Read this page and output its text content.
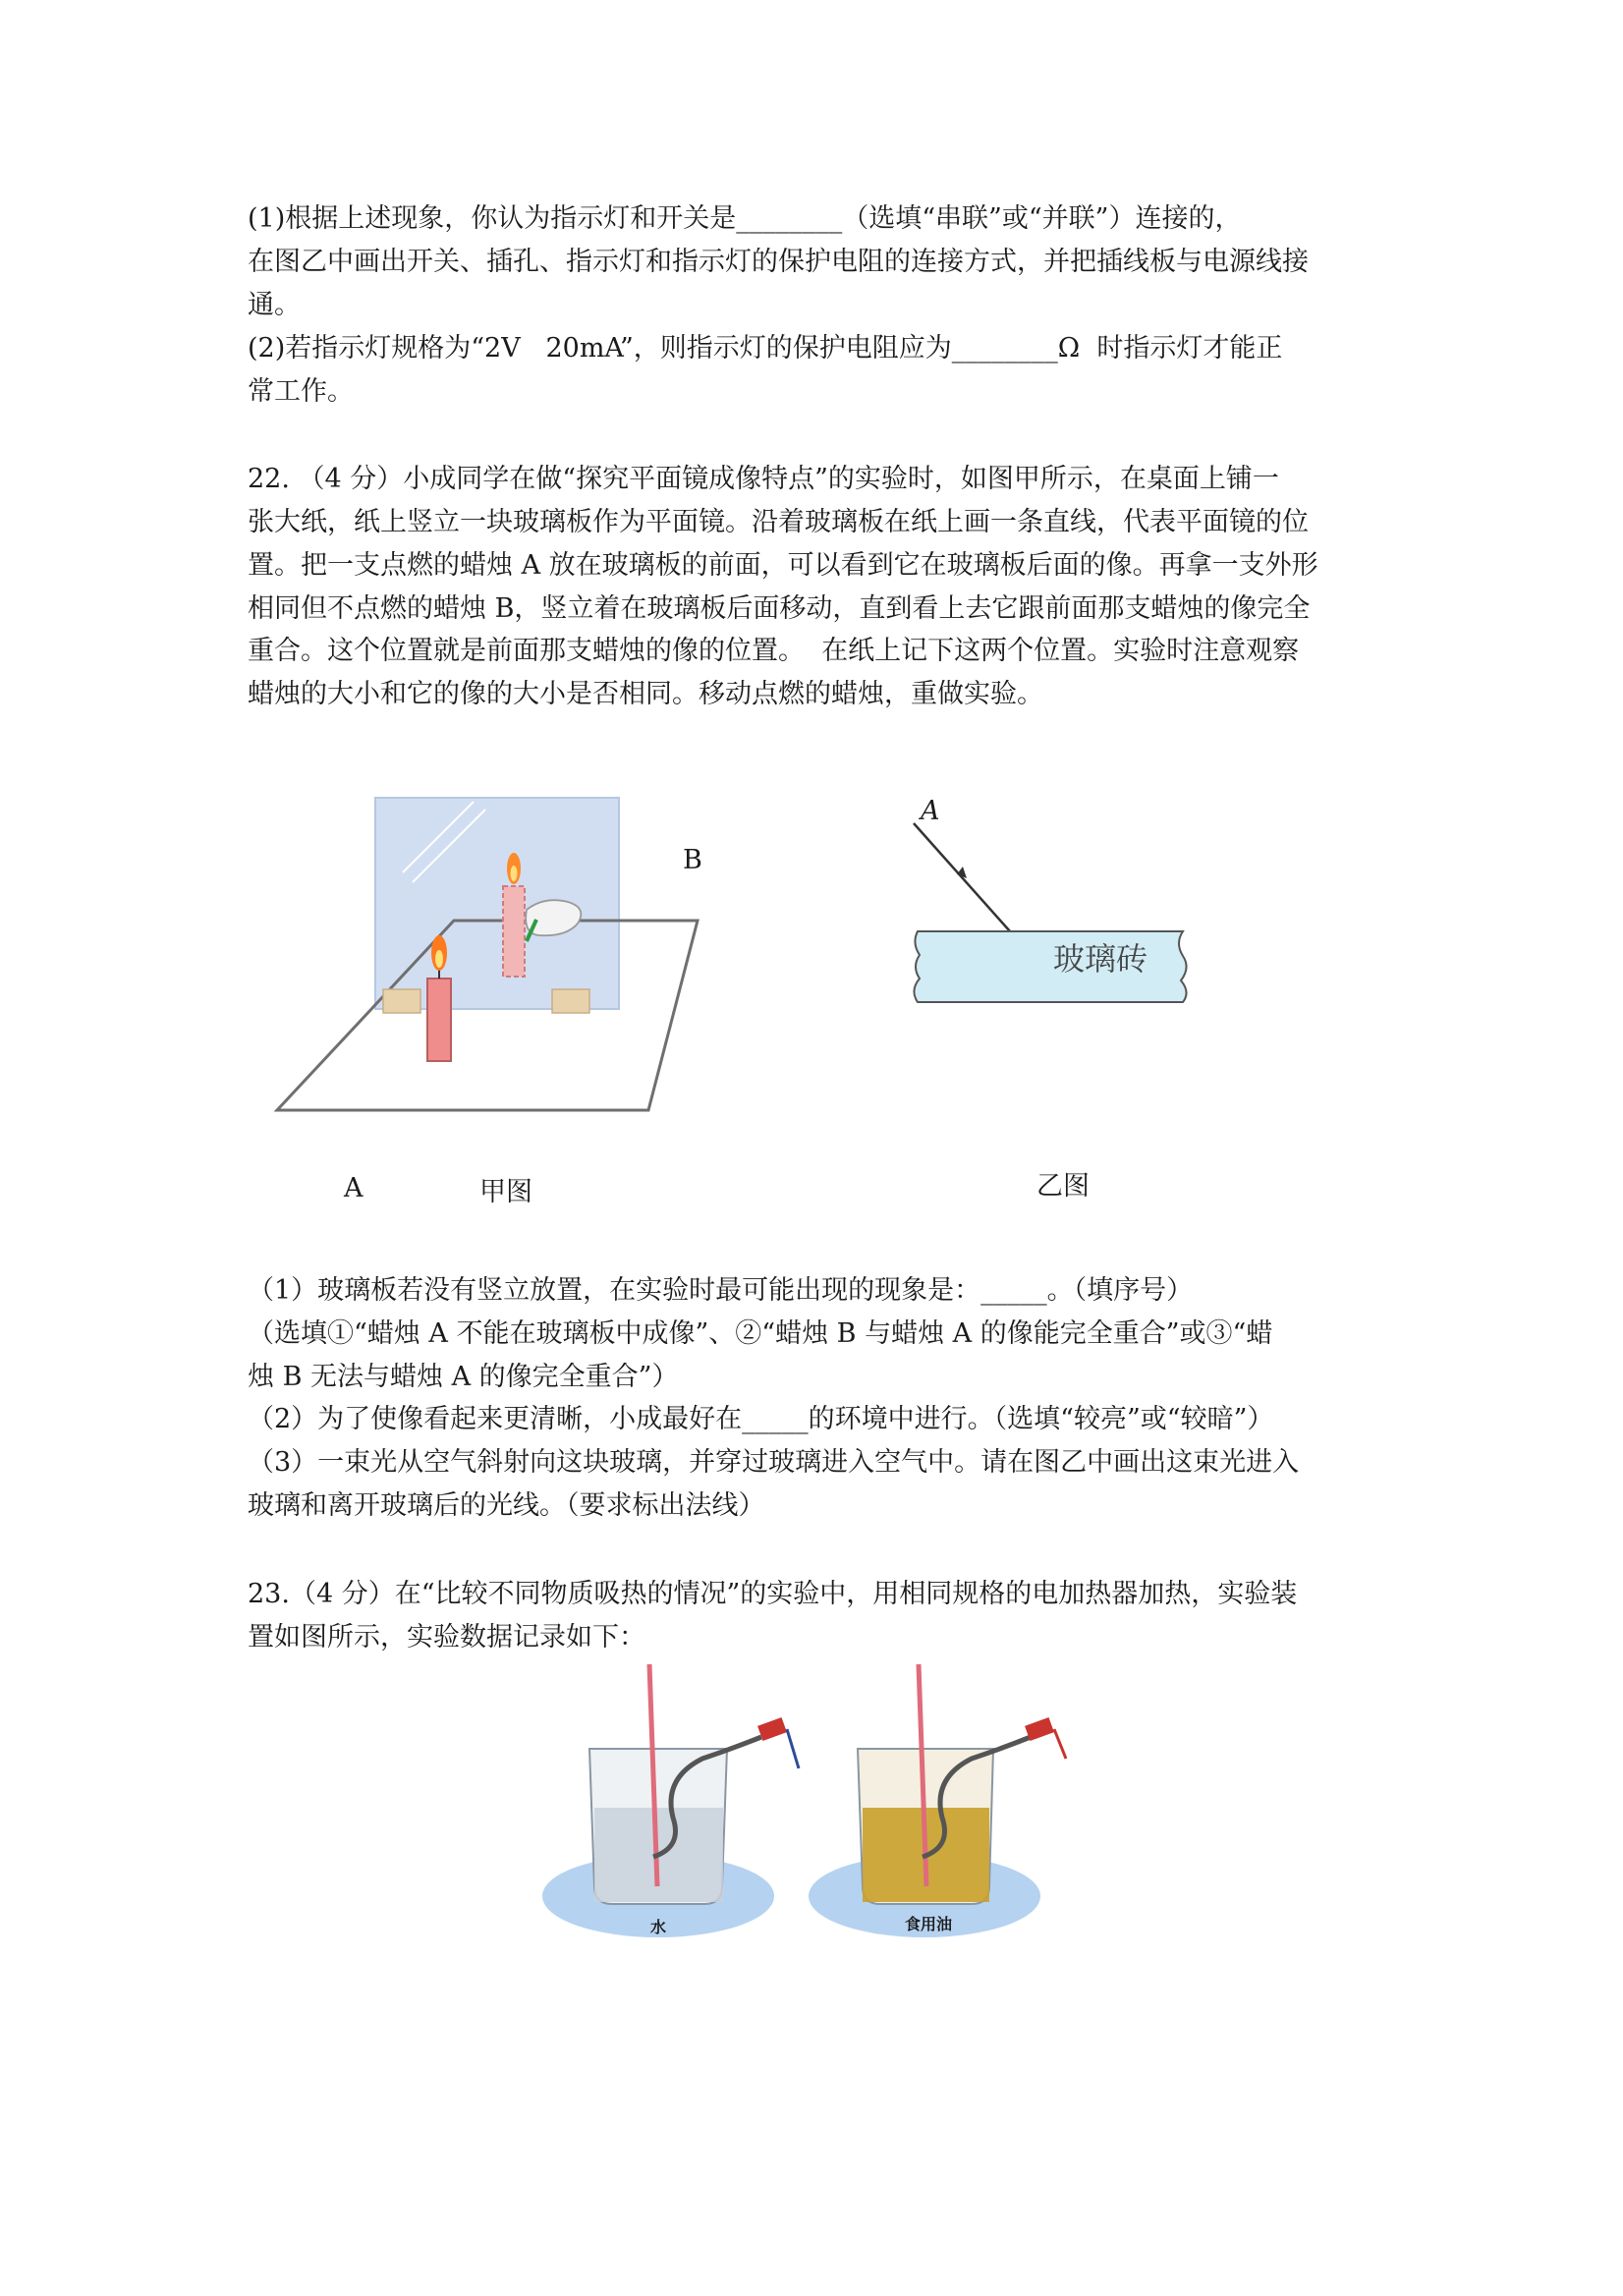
(1)根据上述现象，你认为指示灯和开关是________（选填“串联”或“并联”）连接的，

在图乙中画出开关、插孔、指示灯和指示灯的保护电阻的连接方式，并把插线板与电源线接

通。

(2)若指示灯规格为“2V   20mA”，则指示灯的保护电阻应为________Ω  时指示灯才能正

常工作。

22. （4 分）小成同学在做“探究平面镜成像特点”的实验时，如图甲所示，在桌面上铺一

张大纸，纸上竖立一块玻璃板作为平面镜。沿着玻璃板在纸上画一条直线，代表平面镜的位

置。把一支点燃的蜡烛 A 放在玻璃板的前面，可以看到它在玻璃板后面的像。再拿一支外形

相同但不点燃的蜡烛 B，竖立着在玻璃板后面移动，直到看上去它跟前面那支蜡烛的像完全

重合。这个位置就是前面那支蜡烛的像的位置。  在纸上记下这两个位置。实验时注意观察

蜡烛的大小和它的像的大小是否相同。移动点燃的蜡烛，重做实验。

B

A	甲图

A

玻璃砖

乙图

（1）玻璃板若没有竖立放置，在实验时最可能出现的现象是：_____。（填序号）

（选填①“蜡烛 A 不能在玻璃板中成像”、②“蜡烛 B 与蜡烛 A 的像能完全重合”或③“蜡

烛 B 无法与蜡烛 A 的像完全重合”）

（2）为了使像看起来更清晰，小成最好在_____的环境中进行。（选填“较亮”或“较暗”）

（3）一束光从空气斜射向这块玻璃，并穿过玻璃进入空气中。请在图乙中画出这束光进入

玻璃和离开玻璃后的光线。（要求标出法线）

23.（4 分）在“比较不同物质吸热的情况”的实验中，用相同规格的电加热器加热，实验装

置如图所示，实验数据记录如下：

水	食用油
